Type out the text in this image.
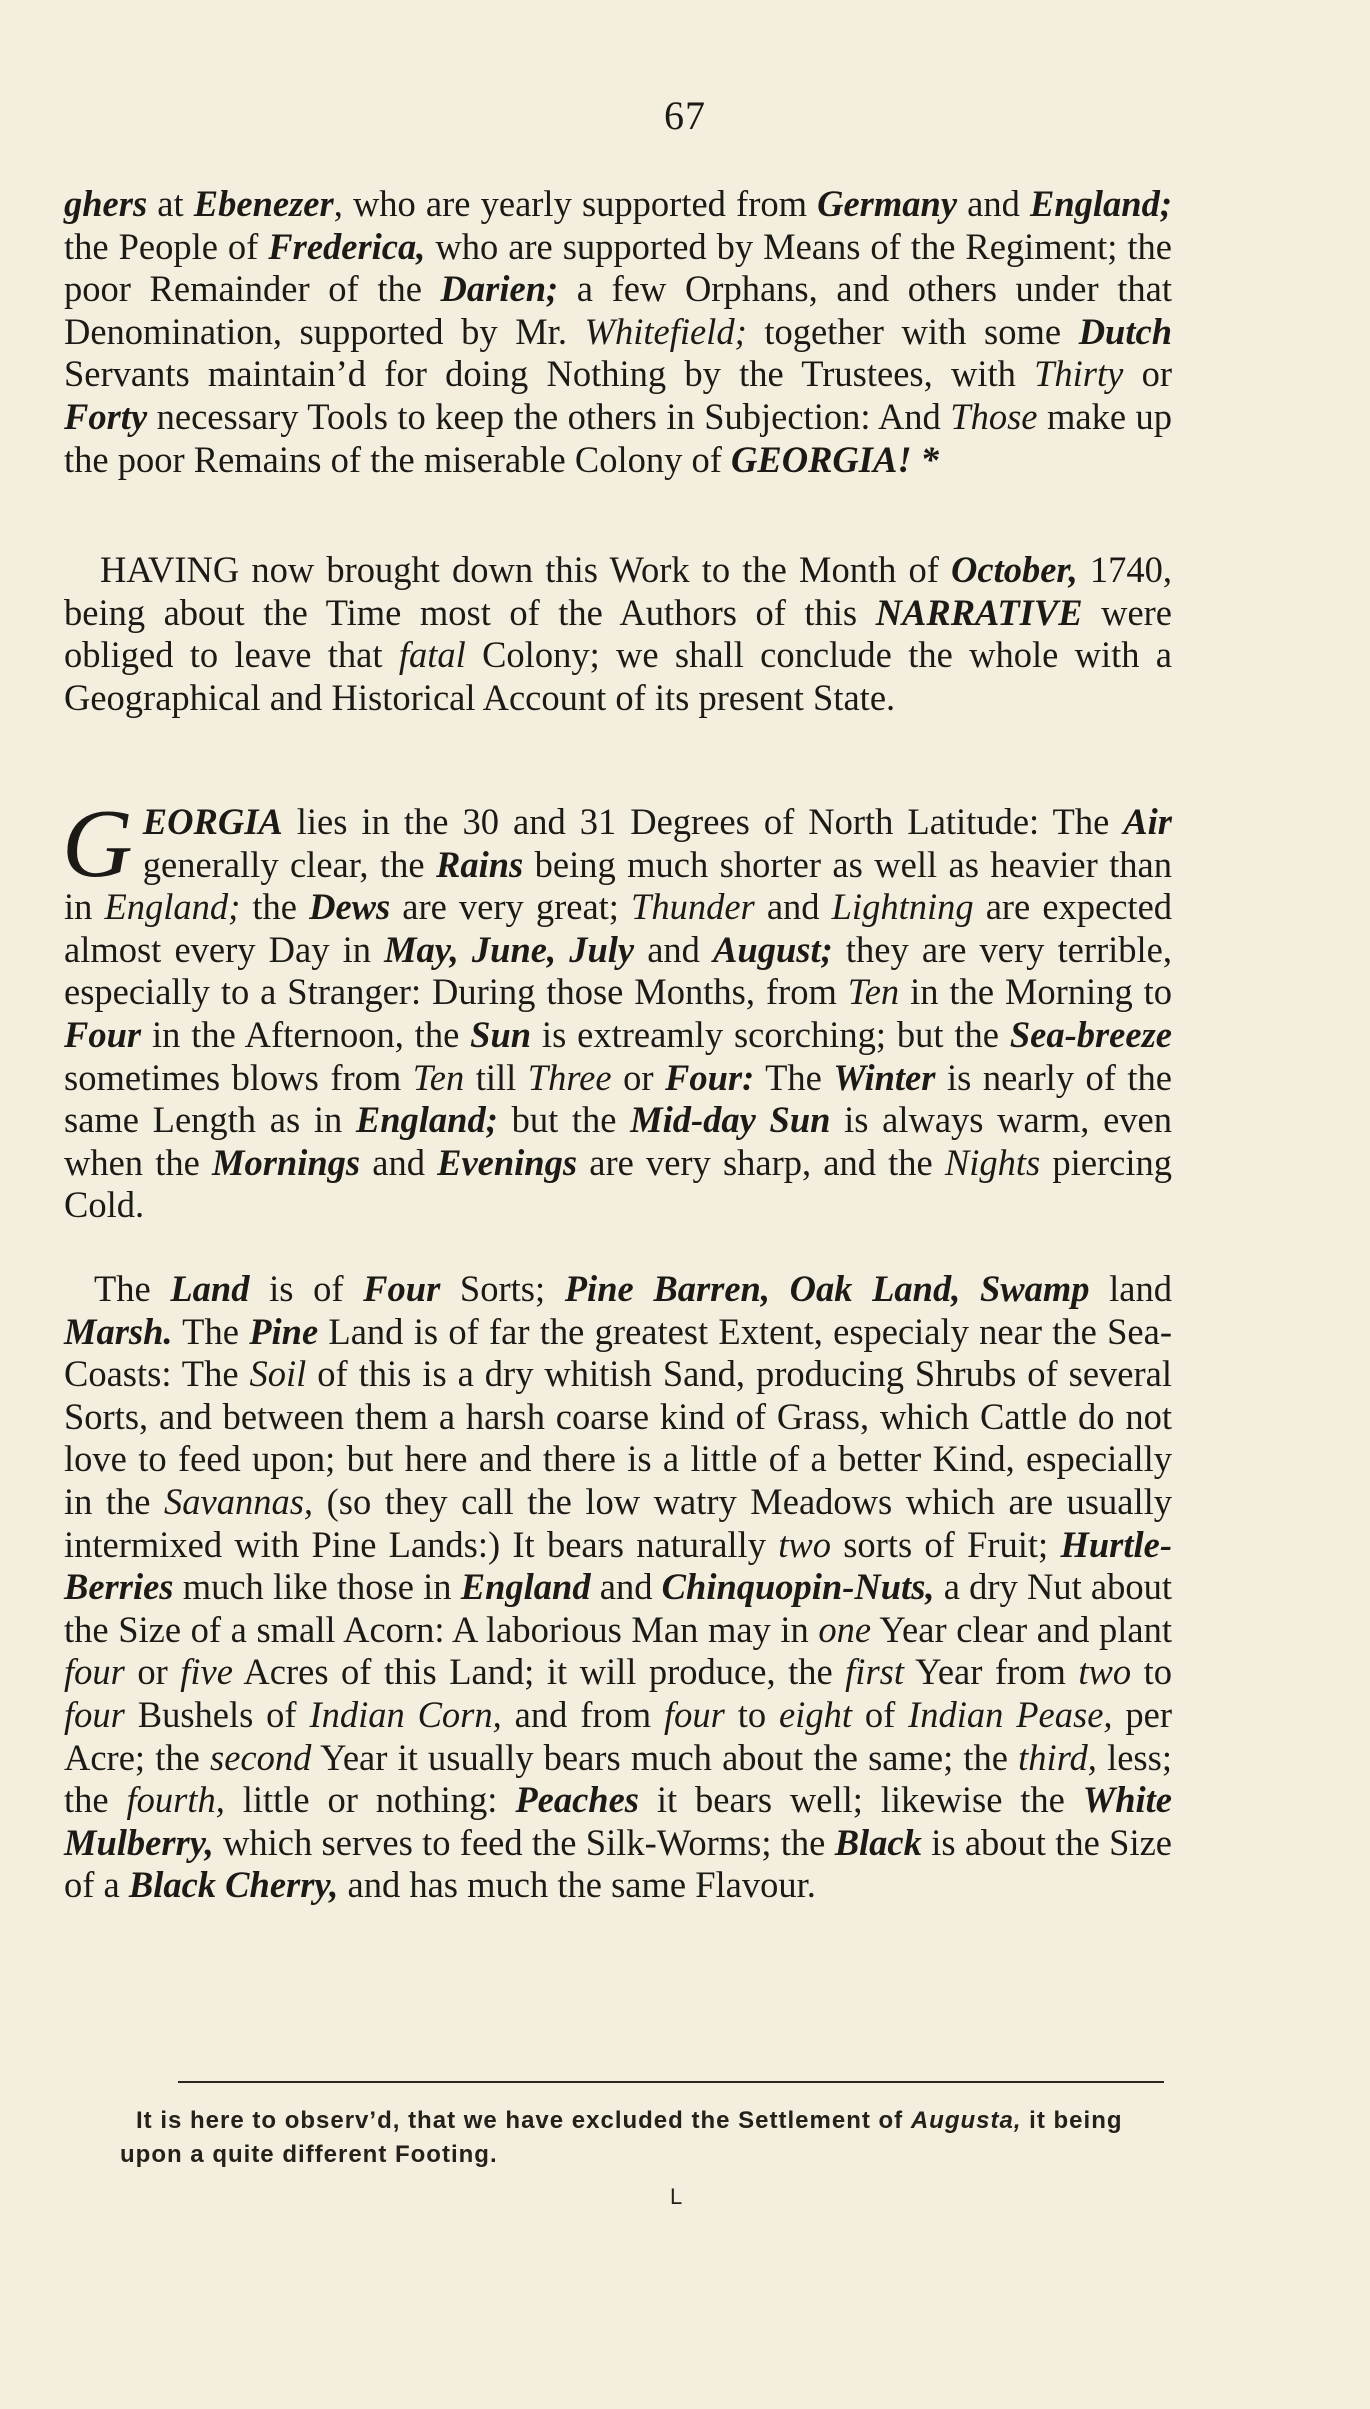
67

ghers at Ebenezer, who are yearly supported from Germany and England; the People of Frederica, who are supported by Means of the Regiment; the poor Remainder of the Darien; a few Orphans, and others under that Denomination, supported by Mr. Whitefield; together with some Dutch Servants maintain’d for doing Nothing by the Trustees, with Thirty or Forty necessary Tools to keep the others in Subjection: And Those make up the poor Remains of the miserable Colony of GEORGIA! *

HAVING now brought down this Work to the Month of October, 1740, being about the Time most of the Authors of this NARRATIVE were obliged to leave that fatal Colony; we shall conclude the whole with a Geographical and Historical Account of its present State.

G EORGIA lies in the 30 and 31 Degrees of North Latitude: The Air generally clear, the Rains being much shorter as well as heavier than in England; the Dews are very great; Thunder and Lightning are expected almost every Day in May, June, July and August; they are very terrible, especially to a Stranger: During those Months, from Ten in the Morning to Four in the Afternoon, the Sun is extreamly scorching; but the Sea-breeze sometimes blows from Ten till Three or Four: The Winter is nearly of the same Length as in England; but the Mid-day Sun is always warm, even when the Mornings and Evenings are very sharp, and the Nights piercing Cold.

The Land is of Four Sorts; Pine Barren, Oak Land, Swamp land Marsh. The Pine Land is of far the greatest Extent, especialy near the Sea-Coasts: The Soil of this is a dry whitish Sand, producing Shrubs of several Sorts, and between them a harsh coarse kind of Grass, which Cattle do not love to feed upon; but here and there is a little of a better Kind, especially in the Savannas, (so they call the low watry Meadows which are usually intermixed with Pine Lands:) It bears naturally two sorts of Fruit; Hurtle-Berries much like those in England and Chinquopin-Nuts, a dry Nut about the Size of a small Acorn: A laborious Man may in one Year clear and plant four or five Acres of this Land; it will produce, the first Year from two to four Bushels of Indian Corn, and from four to eight of Indian Pease, per Acre; the second Year it usually bears much about the same; the third, less; the fourth, little or nothing: Peaches it bears well; likewise the White Mulberry, which serves to feed the Silk-Worms; the Black is about the Size of a Black Cherry, and has much the same Flavour.

It is here to observ’d, that we have excluded the Settlement of Augusta, it being upon a quite different Footing.

L
